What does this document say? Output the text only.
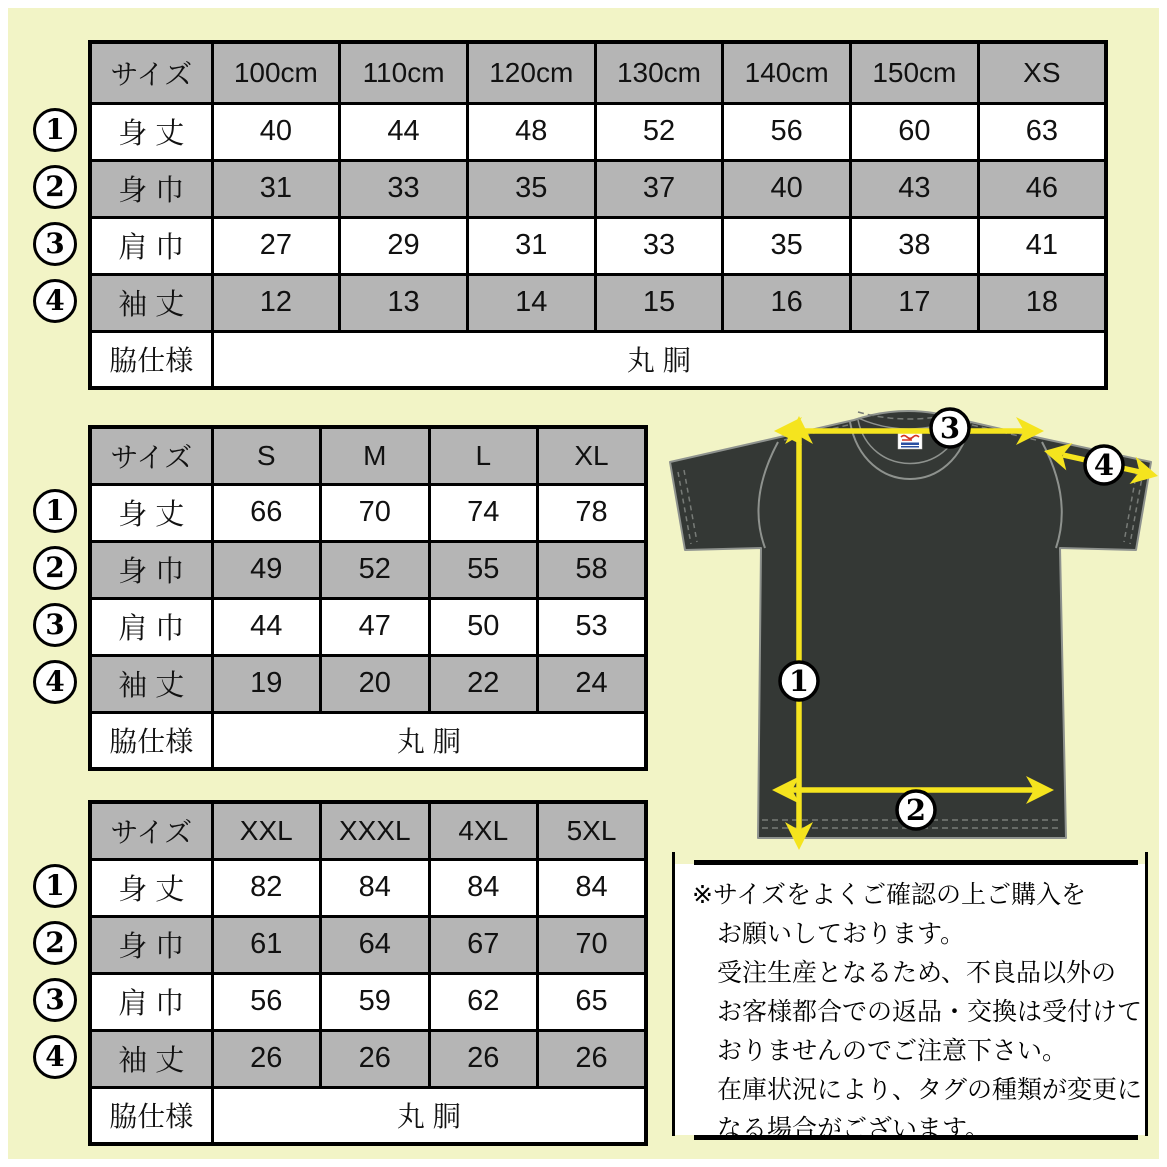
サイズ	100cm	110cm	120cm	130cm	140cm	150cm	XS
身 丈	40	44	48	52	56	60	63
身 巾	31	33	35	37	40	43	46
肩 巾	27	29	31	33	35	38	41
袖 丈	12	13	14	15	16	17	18
脇仕様	丸 胴						
サイズ	S	M	L	XL
身 丈	66	70	74	78
身 巾	49	52	55	58
肩 巾	44	47	50	53
袖 丈	19	20	22	24
脇仕様	丸 胴			
サイズ	XXL	XXXL	4XL	5XL
身 丈	82	84	84	84
身 巾	61	64	67	70
肩 巾	56	59	62	65
袖 丈	26	26	26	26
脇仕様	丸 胴			
1
2
3
4
1
2
3
4
1
2
3
4
1
2
3
4
※サイズをよくご確認の上ご購入を
　お願いしております。
　受注生産となるため、不良品以外の
　お客様都合での返品・交換は受付けて
　おりませんのでご注意下さい。
　在庫状況により、タグの種類が変更に
　なる場合がございます。
